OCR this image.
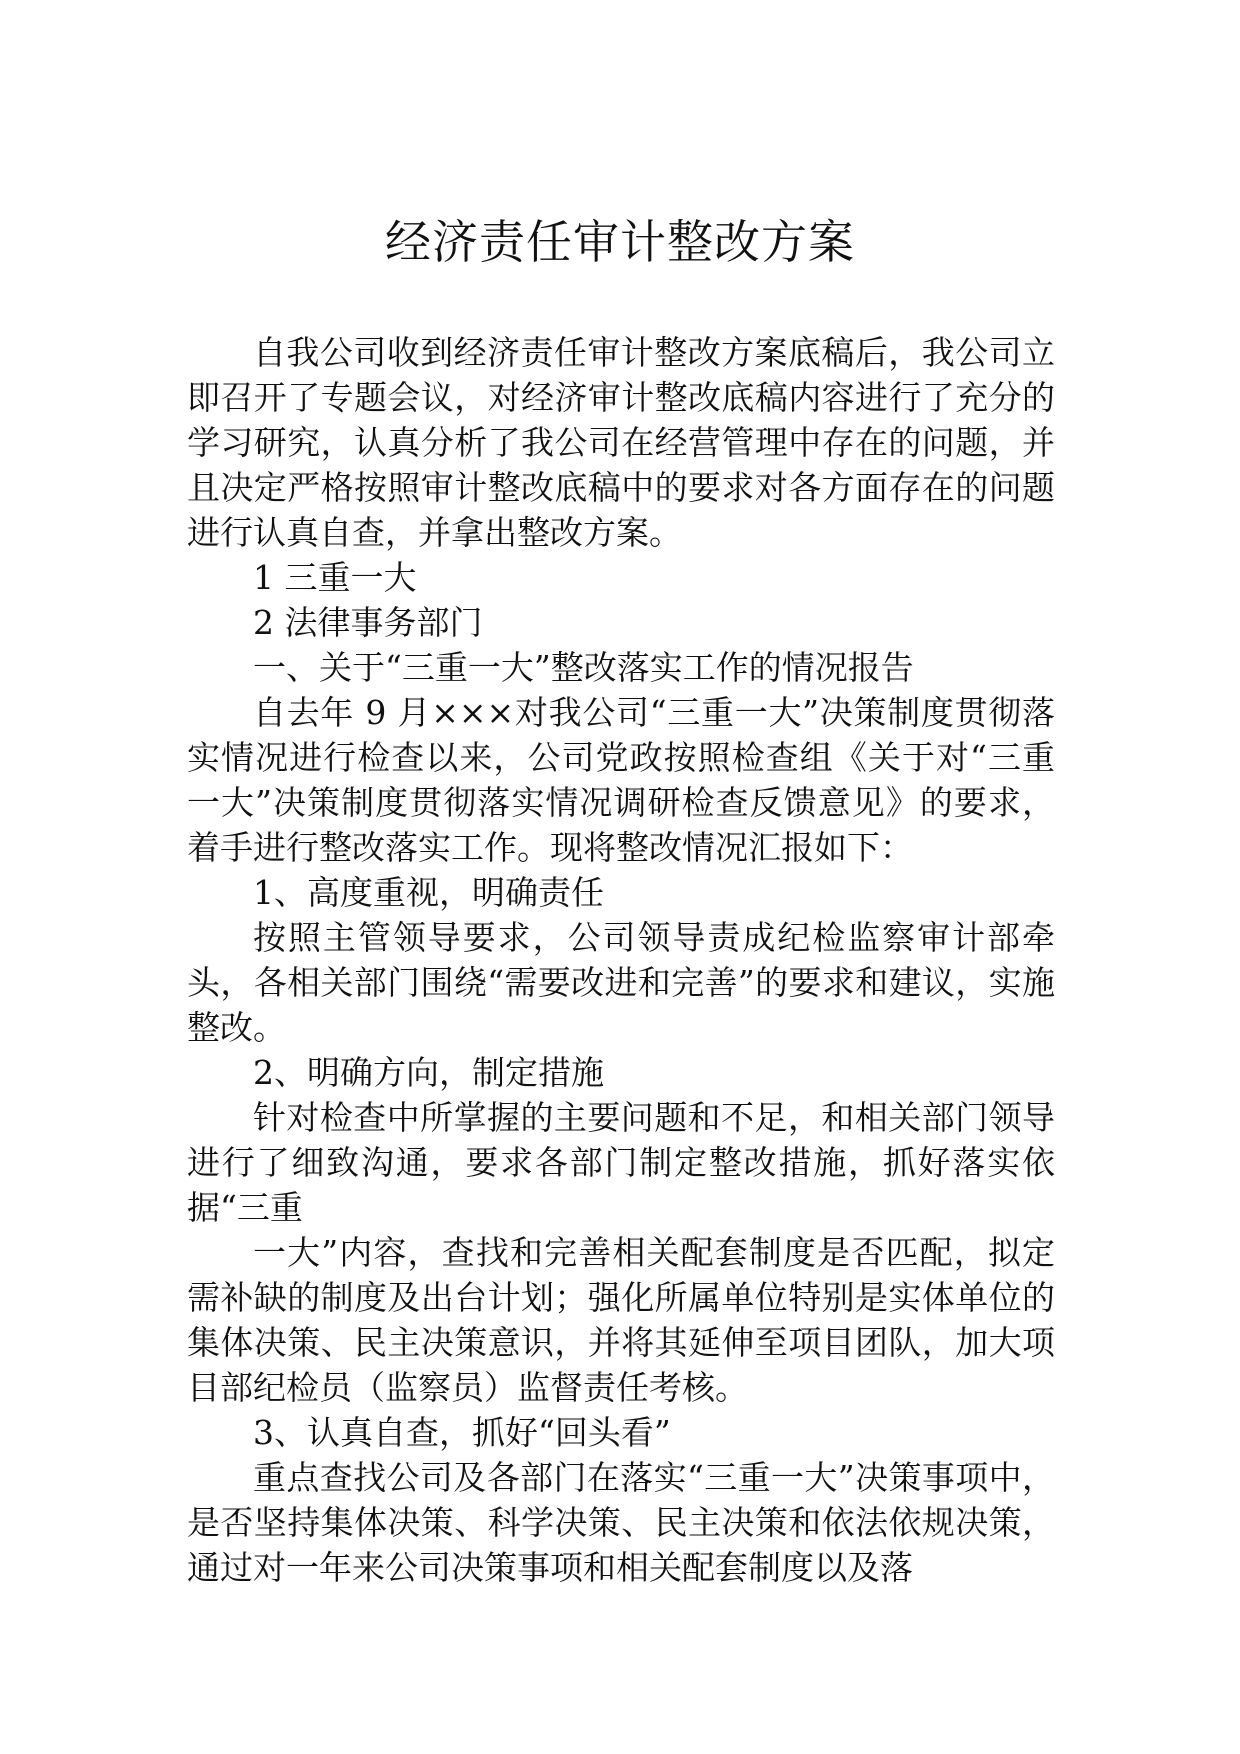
经济责任审计整改方案

自我公司收到经济责任审计整改方案底稿后，我公司立即召开了专题会议，对经济审计整改底稿内容进行了充分的学习研究，认真分析了我公司在经营管理中存在的问题，并且决定严格按照审计整改底稿中的要求对各方面存在的问题进行认真自查，并拿出整改方案。

1 三重一大

2 法律事务部门

一、关于“三重一大”整改落实工作的情况报告

自去年 9 月×××对我公司“三重一大”决策制度贯彻落实情况进行检查以来，公司党政按照检查组《关于对“三重一大”决策制度贯彻落实情况调研检查反馈意见》的要求，着手进行整改落实工作。现将整改情况汇报如下：

1、高度重视，明确责任

按照主管领导要求，公司领导责成纪检监察审计部牵头，各相关部门围绕“需要改进和完善”的要求和建议，实施整改。

2、明确方向，制定措施

针对检查中所掌握的主要问题和不足，和相关部门领导进行了细致沟通，要求各部门制定整改措施，抓好落实依据“三重

一大”内容，查找和完善相关配套制度是否匹配，拟定需补缺的制度及出台计划；强化所属单位特别是实体单位的集体决策、民主决策意识，并将其延伸至项目团队，加大项目部纪检员（监察员）监督责任考核。

3、认真自查，抓好“回头看”

重点查找公司及各部门在落实“三重一大”决策事项中，是否坚持集体决策、科学决策、民主决策和依法依规决策，通过对一年来公司决策事项和相关配套制度以及落
